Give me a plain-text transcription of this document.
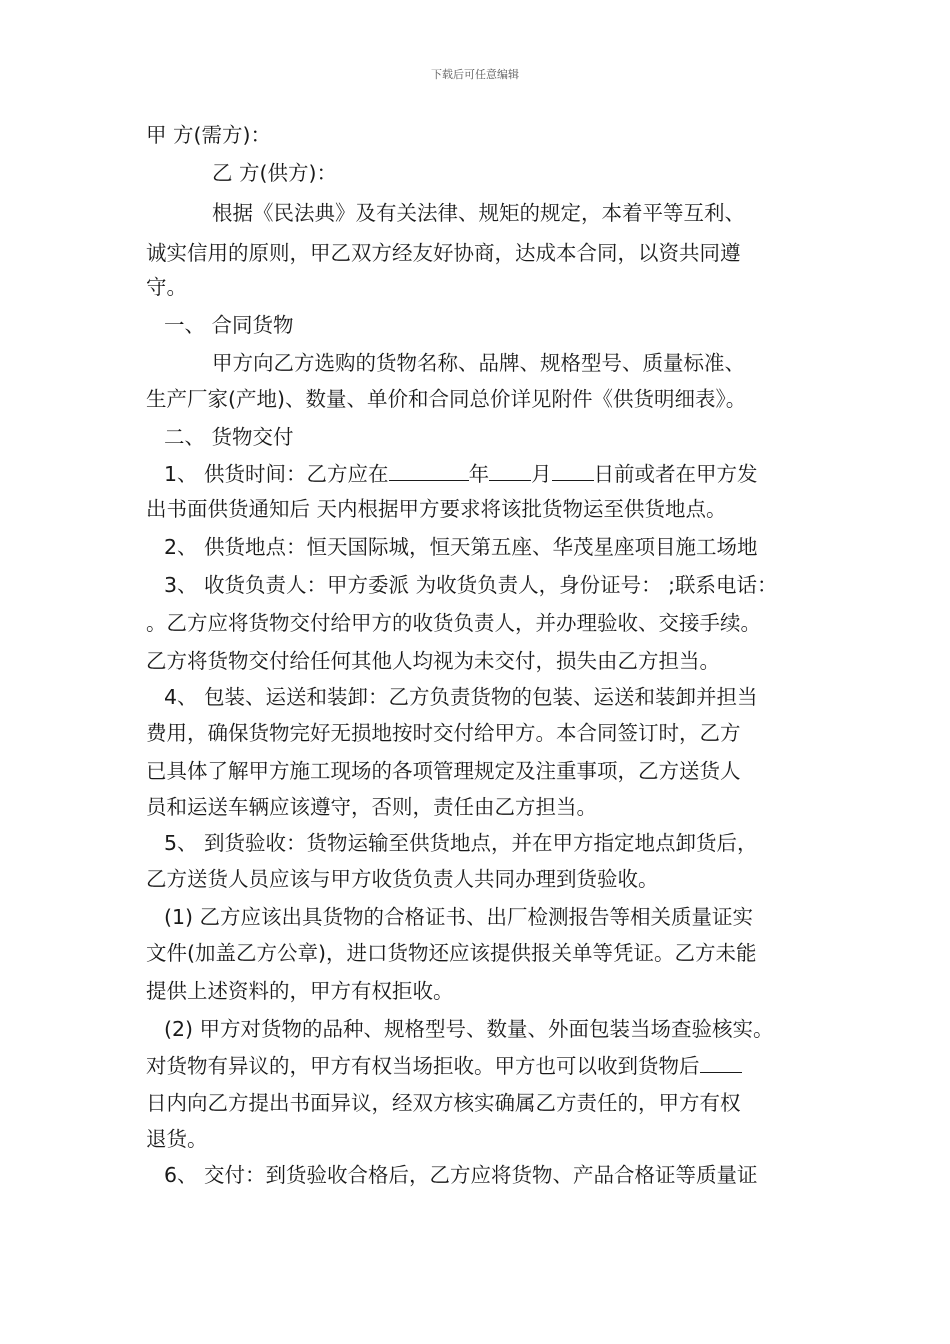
下载后可任意编辑
甲 方(需方)：
乙 方(供方)：
根据《民法典》及有关法律、规矩的规定，本着平等互利、
诚实信用的原则，甲乙双方经友好协商，达成本合同，以资共同遵
守。
一、 合同货物
甲方向乙方选购的货物名称、品牌、规格型号、质量标准、
生产厂家(产地)、数量、单价和合同总价详见附件《供货明细表》。
二、 货物交付
1、 供货时间：乙方应在	年 月 日前或者在甲方发
出书面供货通知后 天内根据甲方要求将该批货物运至供货地点。
2、 供货地点：恒天国际城，恒天第五座、华茂星座项目施工场地
3、 收货负责人：甲方委派 为收货负责人，身份证号： ;联系电话：
。乙方应将货物交付给甲方的收货负责人，并办理验收、交接手续。
乙方将货物交付给任何其他人均视为未交付，损失由乙方担当。
4、 包装、运送和装卸：乙方负责货物的包装、运送和装卸并担当
费用，确保货物完好无损地按时交付给甲方。本合同签订时，乙方
已具体了解甲方施工现场的各项管理规定及注重事项，乙方送货人
员和运送车辆应该遵守，否则，责任由乙方担当。
5、 到货验收：货物运输至供货地点，并在甲方指定地点卸货后，
乙方送货人员应该与甲方收货负责人共同办理到货验收。
(1) 乙方应该出具货物的合格证书、出厂检测报告等相关质量证实
文件(加盖乙方公章)，进口货物还应该提供报关单等凭证。乙方未能
提供上述资料的，甲方有权拒收。
(2) 甲方对货物的品种、规格型号、数量、外面包装当场查验核实。
对货物有异议的，甲方有权当场拒收。甲方也可以收到货物后
日内向乙方提出书面异议，经双方核实确属乙方责任的，甲方有权
退货。
6、 交付：到货验收合格后，乙方应将货物、产品合格证等质量证
